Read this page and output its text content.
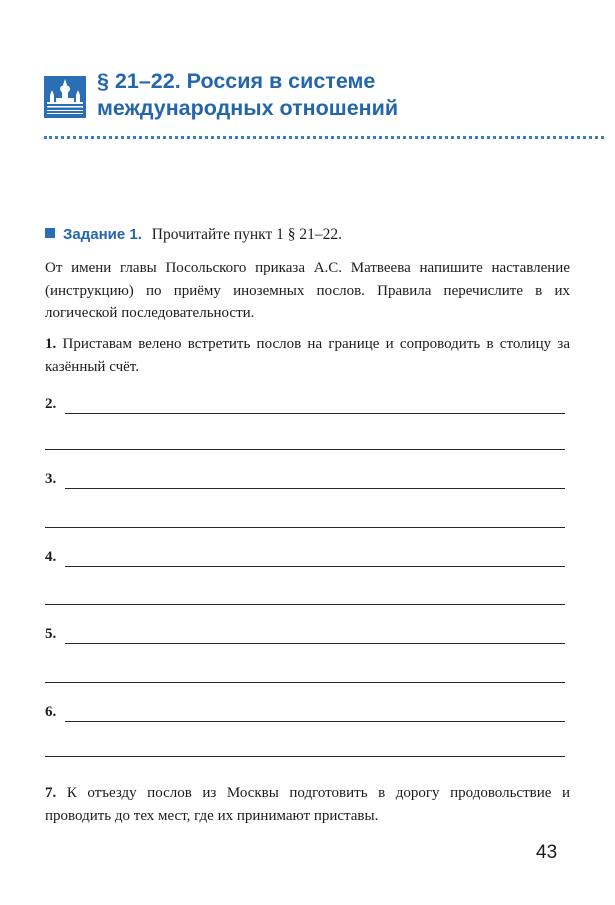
§ 21–22. Россия в системе
международных отношений
Задание 1. Прочитайте пункт 1 § 21–22.
От имени главы Посольского приказа А.С. Матвеева напишите наставление (инструкцию) по приёму иноземных послов. Правила перечислите в их логической последовательности.
1. Приставам велено встретить послов на границе и сопроводить в столицу за казённый счёт.
2.
3.
4.
5.
6.
7. К отъезду послов из Москвы подготовить в дорогу продовольствие и проводить до тех мест, где их принимают приставы.
43
